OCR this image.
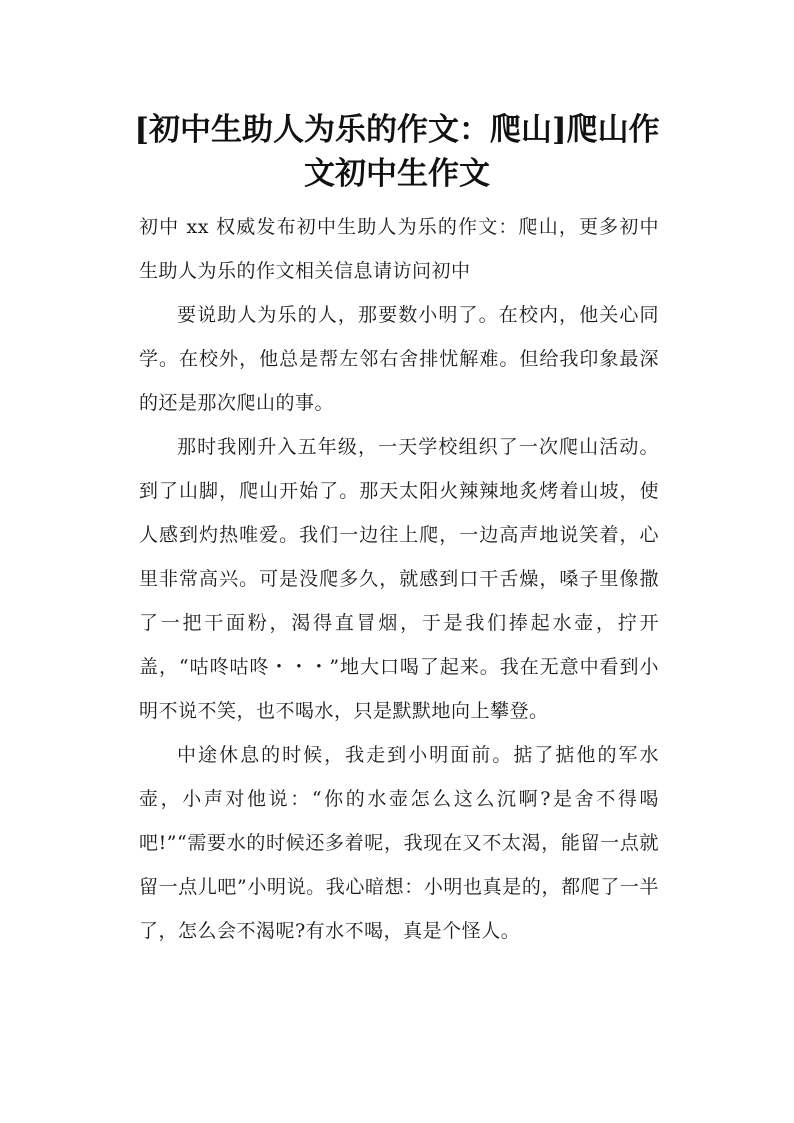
[初中生助人为乐的作文：爬山]爬山作文初中生作文

初中 xx 权威发布初中生助人为乐的作文：爬山，更多初中生助人为乐的作文相关信息请访问初中

要说助人为乐的人，那要数小明了。在校内，他关心同学。在校外，他总是帮左邻右舍排忧解难。但给我印象最深的还是那次爬山的事。

那时我刚升入五年级，一天学校组织了一次爬山活动。到了山脚，爬山开始了。那天太阳火辣辣地炙烤着山坡，使人感到灼热唯爱。我们一边往上爬，一边高声地说笑着，心里非常高兴。可是没爬多久，就感到口干舌燥，嗓子里像撒了一把干面粉，渴得直冒烟，于是我们捧起水壶，拧开盖，“咕咚咕咚・・・”地大口喝了起来。我在无意中看到小明不说不笑，也不喝水，只是默默地向上攀登。

中途休息的时候，我走到小明面前。掂了掂他的军水壶，小声对他说：“你的水壶怎么这么沉啊?是舍不得喝吧!”“需要水的时候还多着呢，我现在又不太渴，能留一点就留一点儿吧”小明说。我心暗想：小明也真是的，都爬了一半了，怎么会不渴呢?有水不喝，真是个怪人。
